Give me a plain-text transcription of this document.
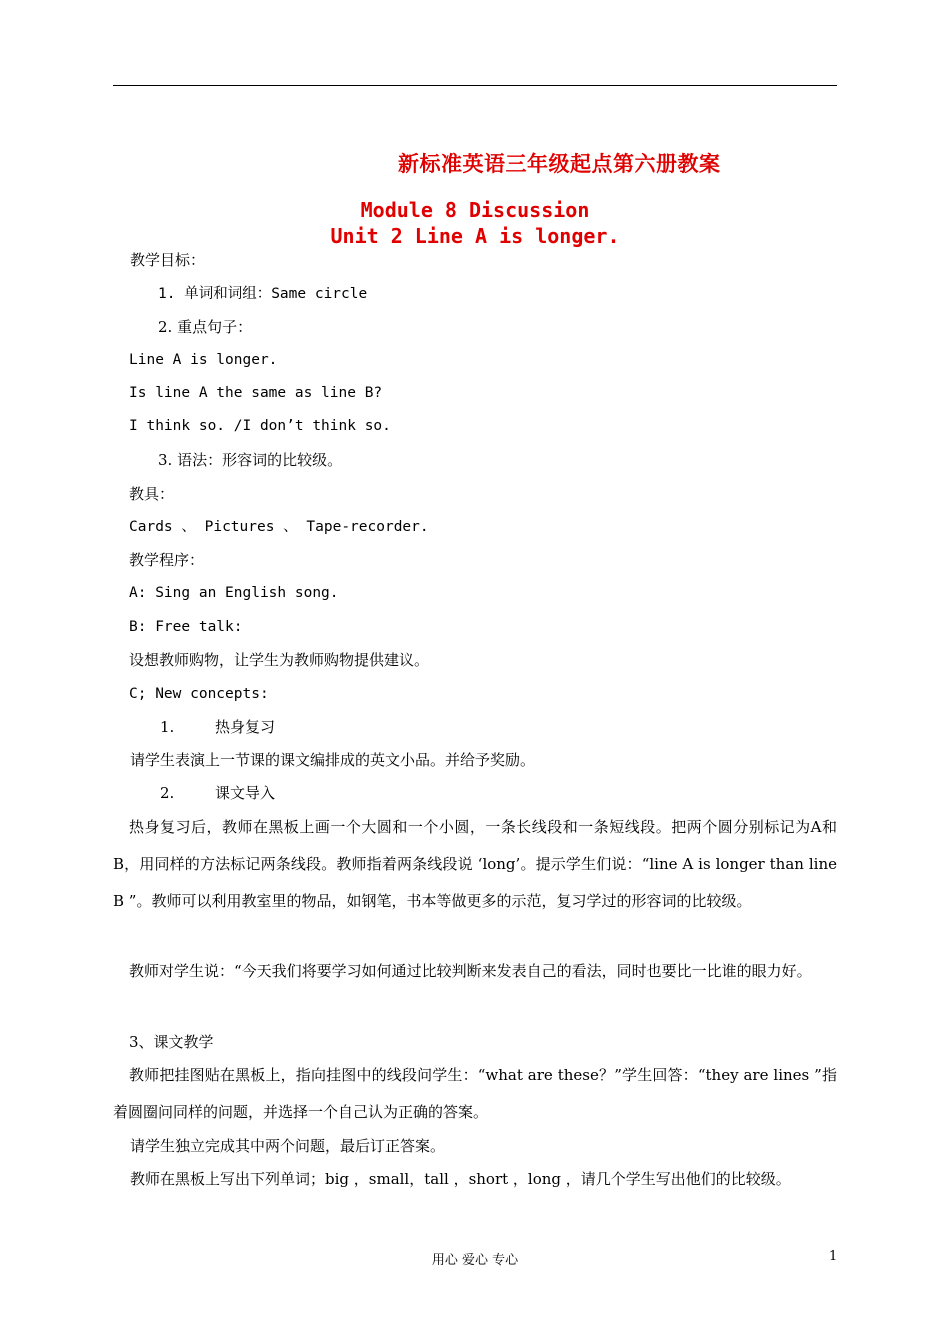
新标准英语三年级起点第六册教案
Module 8 Discussion
Unit 2 Line A is longer.
教学目标：
1. 单词和词组：Same circle
2. 重点句子：
Line A is longer.
Is line A the same as line B?
I think so. /I don’t think so.
3. 语法：形容词的比较级。
教具：
Cards 、 Pictures 、 Tape-recorder.
教学程序：
A: Sing an English song.
B: Free talk:
设想教师购物，让学生为教师购物提供建议。
C; New concepts:
1.	热身复习
请学生表演上一节课的课文编排成的英文小品。并给予奖励。
2.	课文导入
热身复习后，教师在黑板上画一个大圆和一个小圆，一条长线段和一条短线段。把两个圆分别标记为A和B，用同样的方法标记两条线段。教师指着两条线段说 ‘long’。提示学生们说：“line A is longer than line B ”。教师可以利用教室里的物品，如钢笔，书本等做更多的示范，复习学过的形容词的比较级。
教师对学生说：“今天我们将要学习如何通过比较判断来发表自己的看法，同时也要比一比谁的眼力好。
3、课文教学
教师把挂图贴在黑板上，指向挂图中的线段问学生：“what are these？”学生回答：“they are lines ”指着圆圈问同样的问题，并选择一个自己认为正确的答案。
请学生独立完成其中两个问题，最后订正答案。
教师在黑板上写出下列单词；big ，small，tall ，short ，long ，请几个学生写出他们的比较级。
用心 爱心 专心	1
